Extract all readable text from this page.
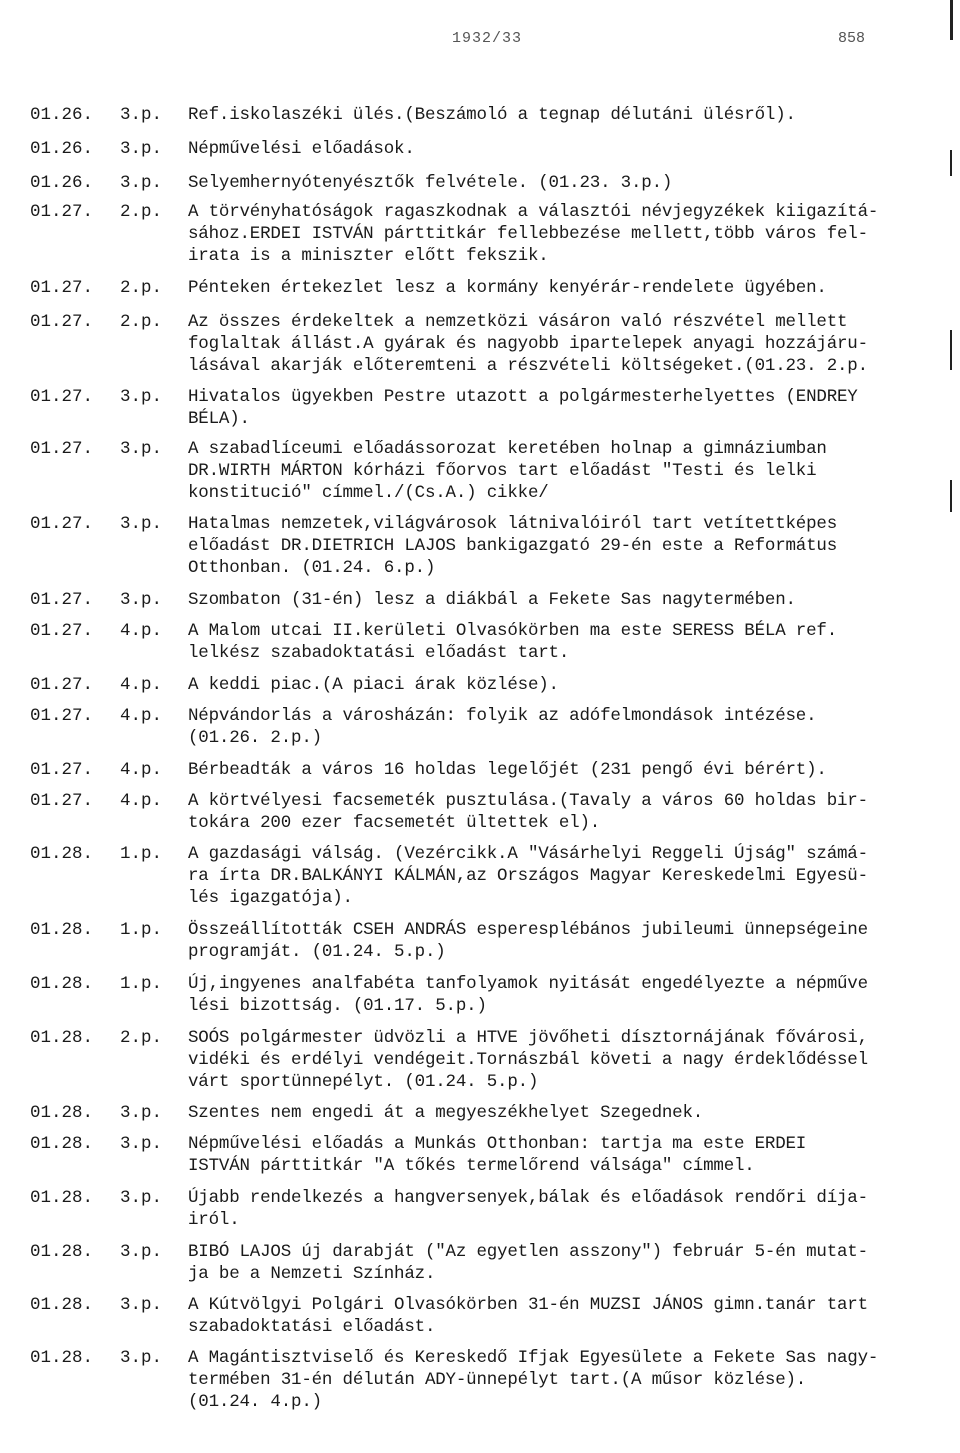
1932/33	858
01.26. 3.p. Ref.iskolaszéki ülés.(Beszámoló a tegnap délutáni ülésről).
01.26. 3.p. Népművelési előadások.
01.26. 3.p. Selyemhernyótenyésztők felvétele. (01.23. 3.p.)
01.27. 2.p. A törvényhatóságok ragaszkodnak a választói névjegyzékek kiigazítá-
sához.ERDEI ISTVÁN párttitkár fellebbezése mellett,több város fel-
irata is a miniszter előtt fekszik.
01.27. 2.p. Pénteken értekezlet lesz a kormány kenyérár-rendelete ügyében.
01.27. 2.p. Az összes érdekeltek a nemzetközi vásáron való részvétel mellett
foglaltak állást.A gyárak és nagyobb ipartelepek anyagi hozzájáru-
lásával akarják előteremteni a részvételi költségeket.(01.23. 2.p.
01.27. 3.p. Hivatalos ügyekben Pestre utazott a polgármesterhelyettes (ENDREY
BÉLA).
01.27. 3.p. A szabadlíceumi előadássorozat keretében holnap a gimnáziumban
DR.WIRTH MÁRTON kórházi főorvos tart előadást "Testi és lelki
konstitució" címmel./(Cs.A.) cikke/
01.27. 3.p. Hatalmas nemzetek,világvárosok látnivalóiról tart vetítettképes
előadást DR.DIETRICH LAJOS bankigazgató 29-én este a Református
Otthonban. (01.24. 6.p.)
01.27. 3.p. Szombaton (31-én) lesz a diákbál a Fekete Sas nagytermében.
01.27. 4.p. A Malom utcai II.kerületi Olvasókörben ma este SERESS BÉLA ref.
lelkész szabadoktatási előadást tart.
01.27. 4.p. A keddi piac.(A piaci árak közlése).
01.27. 4.p. Népvándorlás a városházán: folyik az adófelmondások intézése.
(01.26. 2.p.)
01.27. 4.p. Bérbeadták a város 16 holdas legelőjét (231 pengő évi bérért).
01.27. 4.p. A körtvélyesi facsemeték pusztulása.(Tavaly a város 60 holdas bir-
tokára 200 ezer facsemetét ültettek el).
01.28. 1.p. A gazdasági válság. (Vezércikk.A "Vásárhelyi Reggeli Újság" számá-
ra írta DR.BALKÁNYI KÁLMÁN,az Országos Magyar Kereskedelmi Egyesü-
lés igazgatója).
01.28. 1.p. Összeállították CSEH ANDRÁS esperesplébános jubileumi ünnepségeine
programját. (01.24. 5.p.)
01.28. 1.p. Új,ingyenes analfabéta tanfolyamok nyitását engedélyezte a népműve
lési bizottság. (01.17. 5.p.)
01.28. 2.p. SOÓS polgármester üdvözli a HTVE jövőheti dísztornájának fővárosi,
vidéki és erdélyi vendégeit.Tornászbál követi a nagy érdeklődéssel
várt sportünnepélyt. (01.24. 5.p.)
01.28. 3.p. Szentes nem engedi át a megyeszékhelyet Szegednek.
01.28. 3.p. Népművelési előadás a Munkás Otthonban: tartja ma este ERDEI
ISTVÁN párttitkár "A tőkés termelőrend válsága" címmel.
01.28. 3.p. Újabb rendelkezés a hangversenyek,bálak és előadások rendőri díja-
iról.
01.28. 3.p. BIBÓ LAJOS új darabját ("Az egyetlen asszony") február 5-én mutat-
ja be a Nemzeti Színház.
01.28. 3.p. A Kútvölgyi Polgári Olvasókörben 31-én MUZSI JÁNOS gimn.tanár tart
szabadoktatási előadást.
01.28. 3.p. A Magántisztviselő és Kereskedő Ifjak Egyesülete a Fekete Sas nagy-
termében 31-én délután ADY-ünnepélyt tart.(A műsor közlése).
(01.24. 4.p.)
